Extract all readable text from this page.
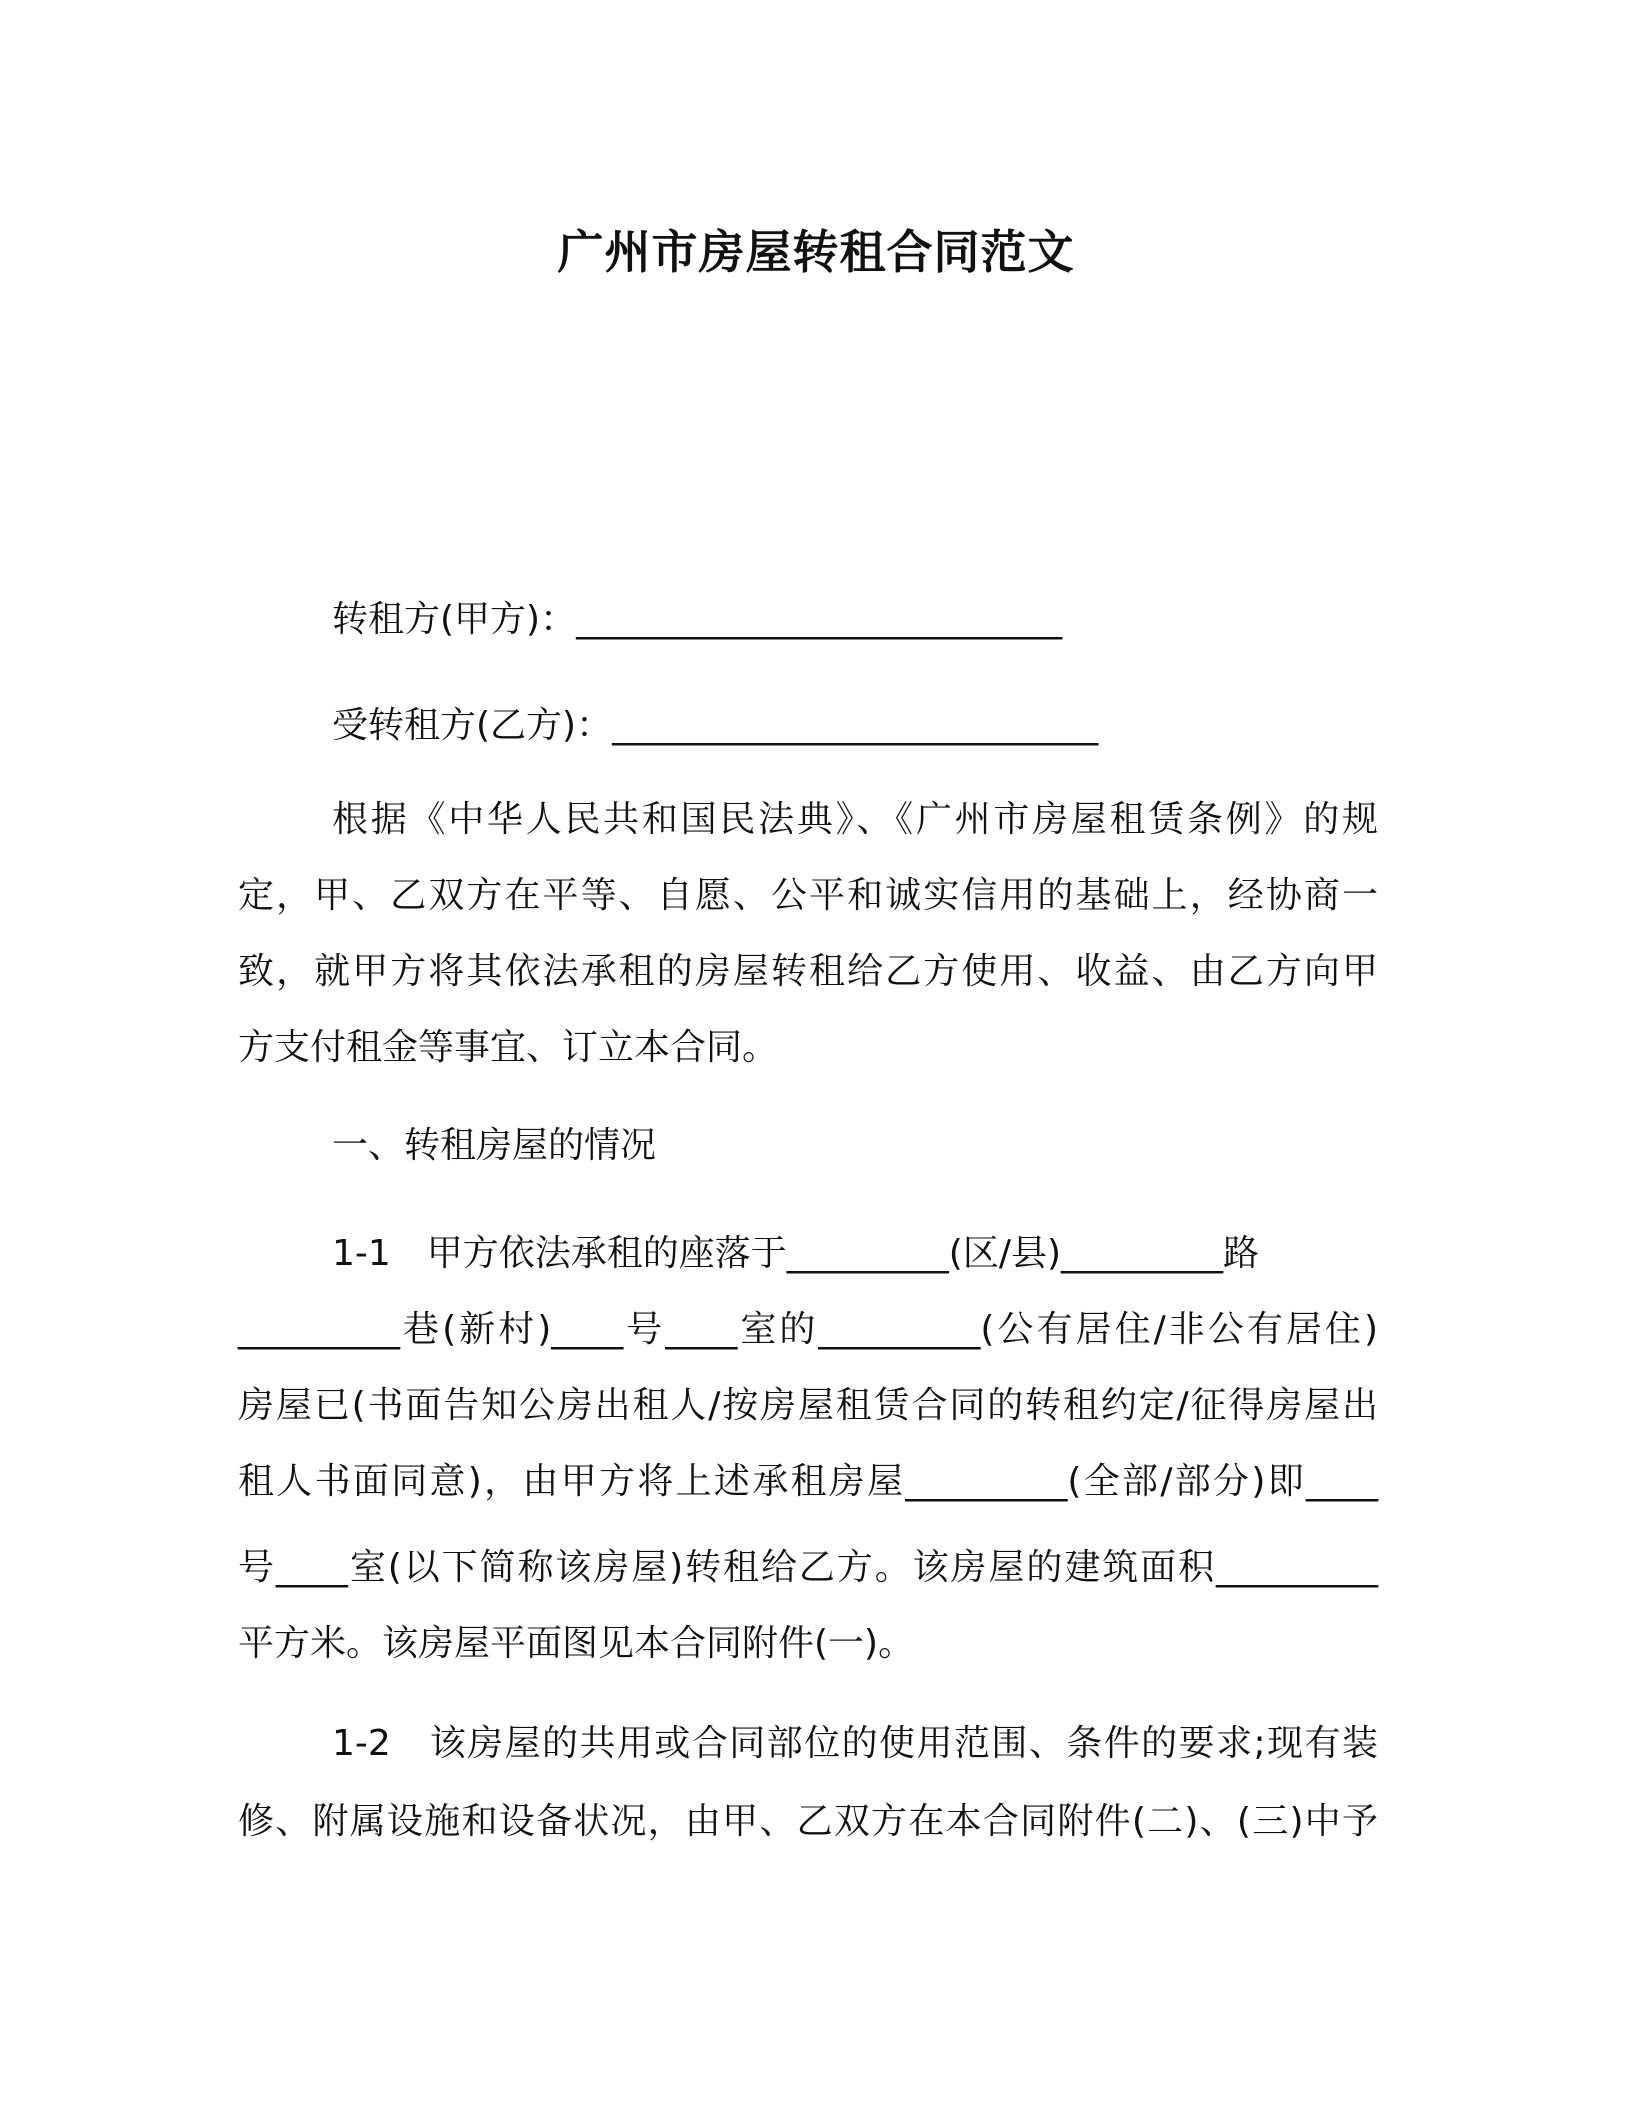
广州市房屋转租合同范文
转租方(甲方)：___________________________
受转租方(乙方)：___________________________
根据《中华人民共和国民法典》、《广州市房屋租赁条例》的规
定，甲、乙双方在平等、自愿、公平和诚实信用的基础上，经协商一
致，就甲方将其依法承租的房屋转租给乙方使用、收益、由乙方向甲
方支付租金等事宜、订立本合同。
一、转租房屋的情况
1-1　甲方依法承租的座落于_________(区/县)_________路
_________巷(新村)____号____室的_________(公有居住/非公有居住)
房屋已(书面告知公房出租人/按房屋租赁合同的转租约定/征得房屋出
租人书面同意)，由甲方将上述承租房屋_________(全部/部分)即____
号____室(以下简称该房屋)转租给乙方。该房屋的建筑面积_________
平方米。该房屋平面图见本合同附件(一)。
1-2　该房屋的共用或合同部位的使用范围、条件的要求;现有装
修、附属设施和设备状况，由甲、乙双方在本合同附件(二)、(三)中予
